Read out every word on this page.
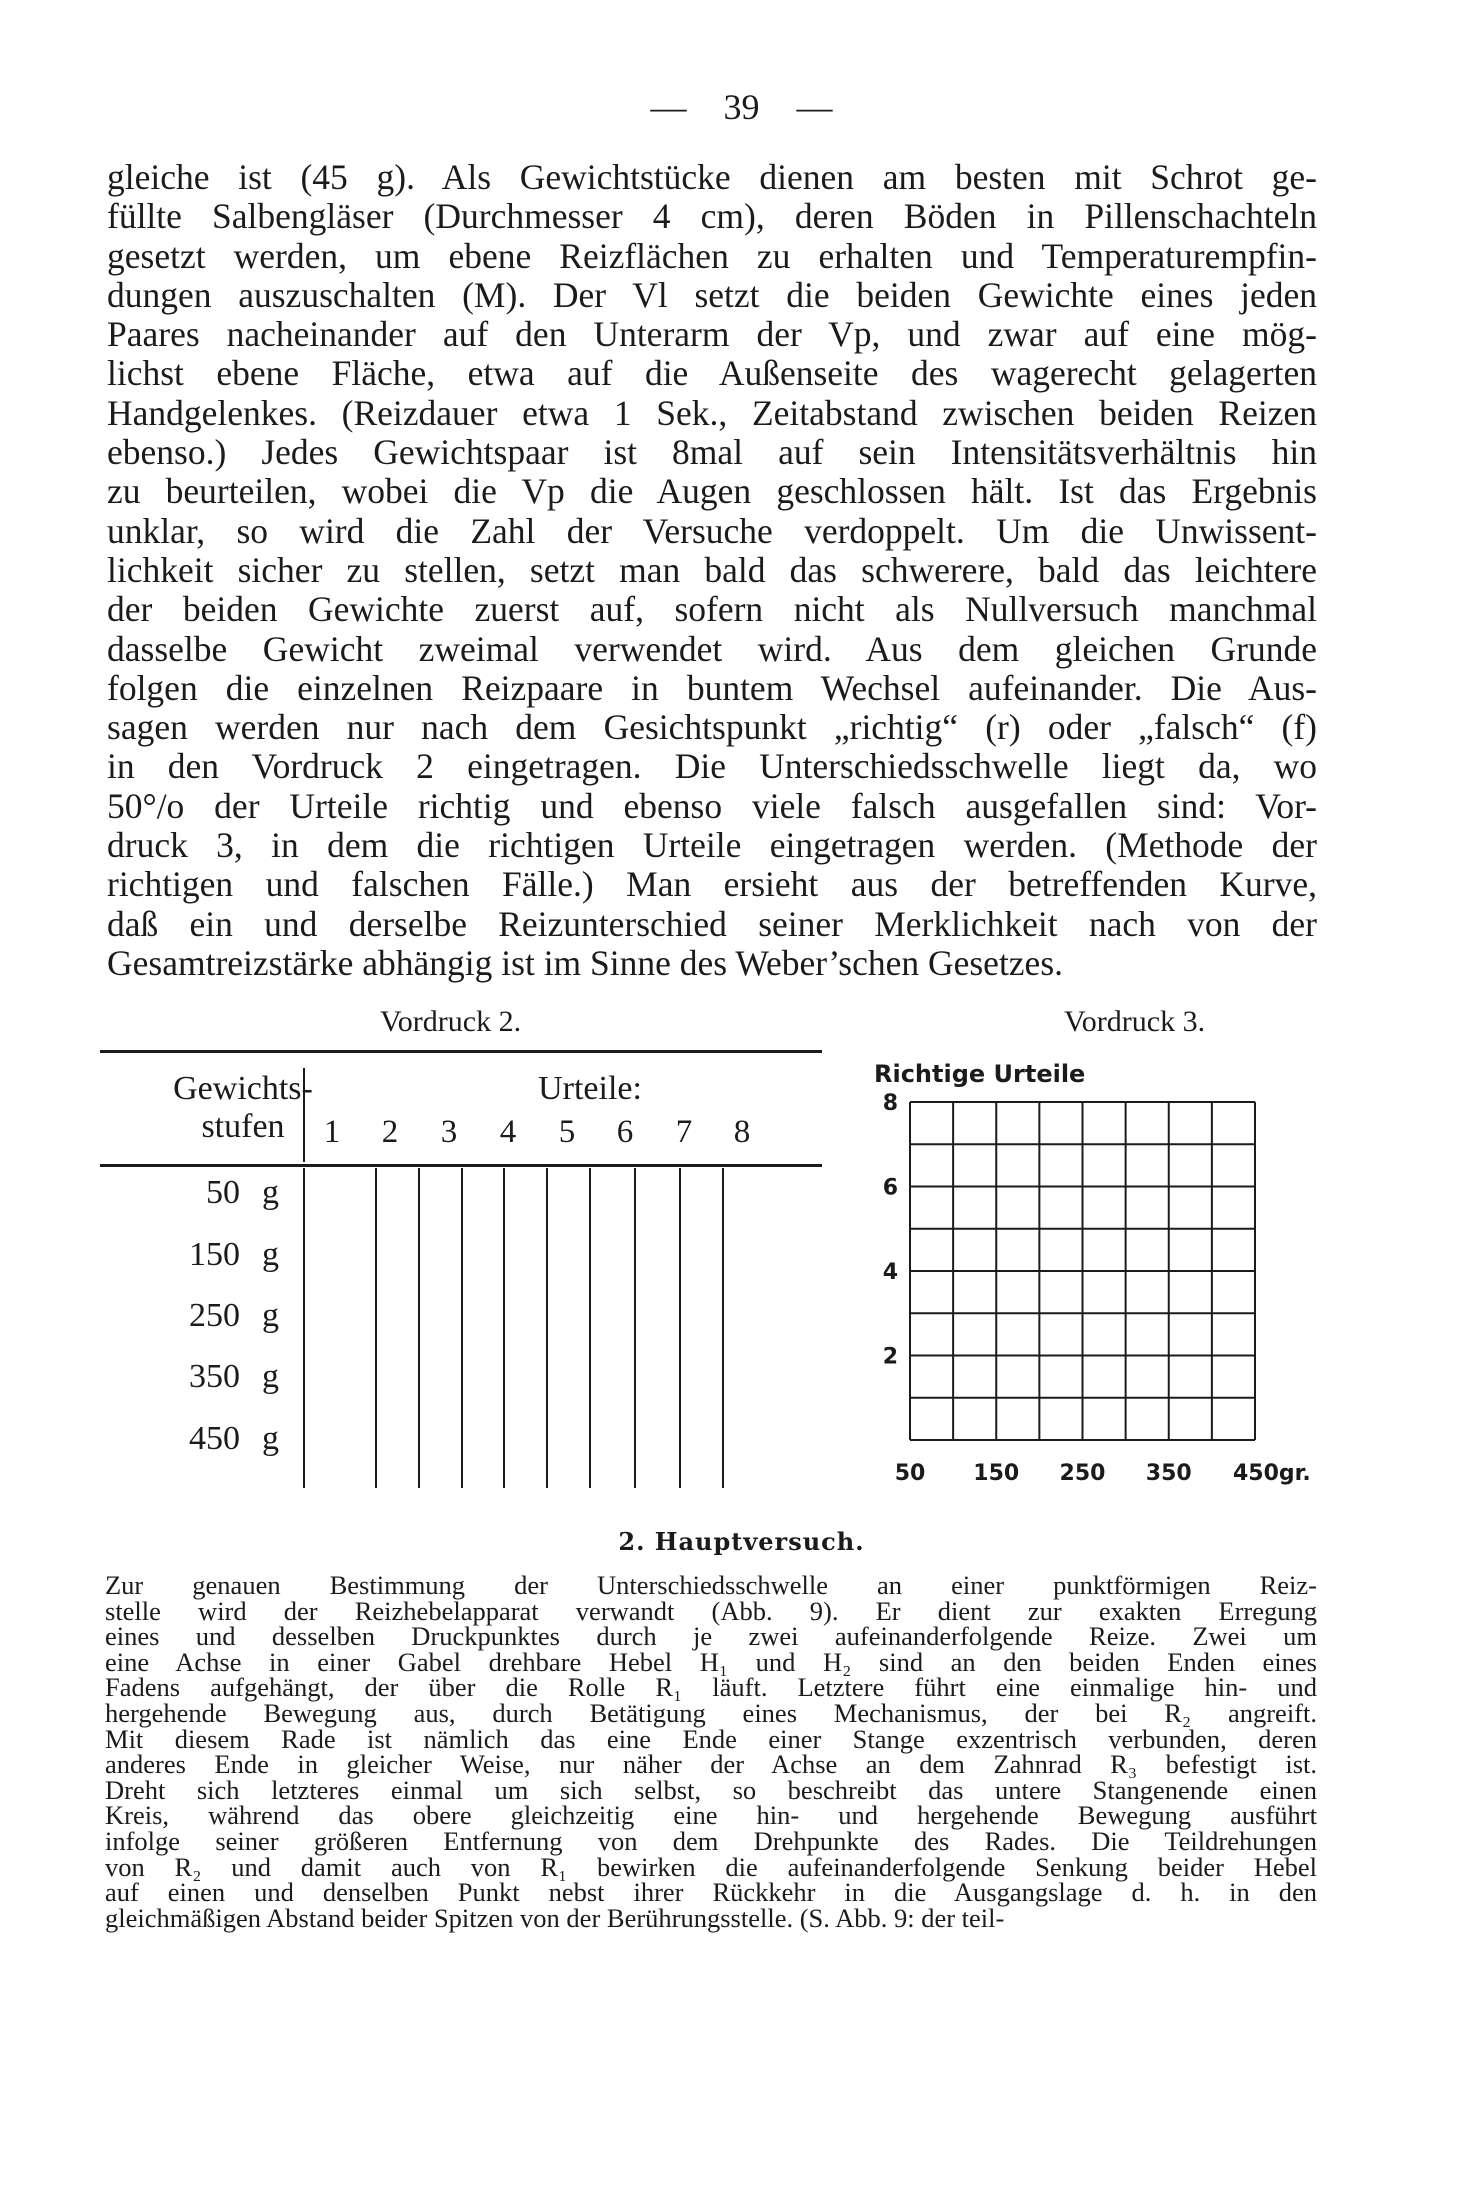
— 39 —
gleiche ist (45 g). Als Gewichtstücke dienen am besten mit Schrot ge-
füllte Salbengläser (Durchmesser 4 cm), deren Böden in Pillenschachteln
gesetzt werden, um ebene Reizflächen zu erhalten und Temperaturempfin-
dungen auszuschalten (M). Der Vl setzt die beiden Gewichte eines jeden
Paares nacheinander auf den Unterarm der Vp, und zwar auf eine mög-
lichst ebene Fläche, etwa auf die Außenseite des wagerecht gelagerten
Handgelenkes. (Reizdauer etwa 1 Sek., Zeitabstand zwischen beiden Reizen
ebenso.) Jedes Gewichtspaar ist 8mal auf sein Intensitätsverhältnis hin
zu beurteilen, wobei die Vp die Augen geschlossen hält. Ist das Ergebnis
unklar, so wird die Zahl der Versuche verdoppelt. Um die Unwissent-
lichkeit sicher zu stellen, setzt man bald das schwerere, bald das leichtere
der beiden Gewichte zuerst auf, sofern nicht als Nullversuch manchmal
dasselbe Gewicht zweimal verwendet wird. Aus dem gleichen Grunde
folgen die einzelnen Reizpaare in buntem Wechsel aufeinander. Die Aus-
sagen werden nur nach dem Gesichtspunkt „richtig“ (r) oder „falsch“ (f)
in den Vordruck 2 eingetragen. Die Unterschiedsschwelle liegt da, wo
50°/o der Urteile richtig und ebenso viele falsch ausgefallen sind: Vor-
druck 3, in dem die richtigen Urteile eingetragen werden. (Methode der
richtigen und falschen Fälle.) Man ersieht aus der betreffenden Kurve,
daß ein und derselbe Reizunterschied seiner Merklichkeit nach von der
Gesamtreizstärke abhängig ist im Sinne des Weber’schen Gesetzes.
Vordruck 2.	Vordruck 3.
Gewichts-
stufen
Urteile:
1	2	3	4	5	6	7	8
50 g
150 g
250 g
350 g
450 g
Richtige Urteile
8
6
4
2
50 150 250 350 450gr.
2. Hauptversuch.
Zur genauen Bestimmung der Unterschiedsschwelle an einer punktförmigen Reiz-
stelle wird der Reizhebelapparat verwandt (Abb. 9). Er dient zur exakten Erregung
eines und desselben Druckpunktes durch je zwei aufeinanderfolgende Reize. Zwei um
eine Achse in einer Gabel drehbare Hebel H₁ und H₂ sind an den beiden Enden eines
Fadens aufgehängt, der über die Rolle R₁ läuft. Letztere führt eine einmalige hin- und
hergehende Bewegung aus, durch Betätigung eines Mechanismus, der bei R₂ angreift.
Mit diesem Rade ist nämlich das eine Ende einer Stange exzentrisch verbunden, deren
anderes Ende in gleicher Weise, nur näher der Achse an dem Zahnrad R₃ befestigt ist.
Dreht sich letzteres einmal um sich selbst, so beschreibt das untere Stangenende einen
Kreis, während das obere gleichzeitig eine hin- und hergehende Bewegung ausführt
infolge seiner größeren Entfernung von dem Drehpunkte des Rades. Die Teildrehungen
von R₂ und damit auch von R₁ bewirken die aufeinanderfolgende Senkung beider Hebel
auf einen und denselben Punkt nebst ihrer Rückkehr in die Ausgangslage d. h. in den
gleichmäßigen Abstand beider Spitzen von der Berührungsstelle. (S. Abb. 9: der teil-
